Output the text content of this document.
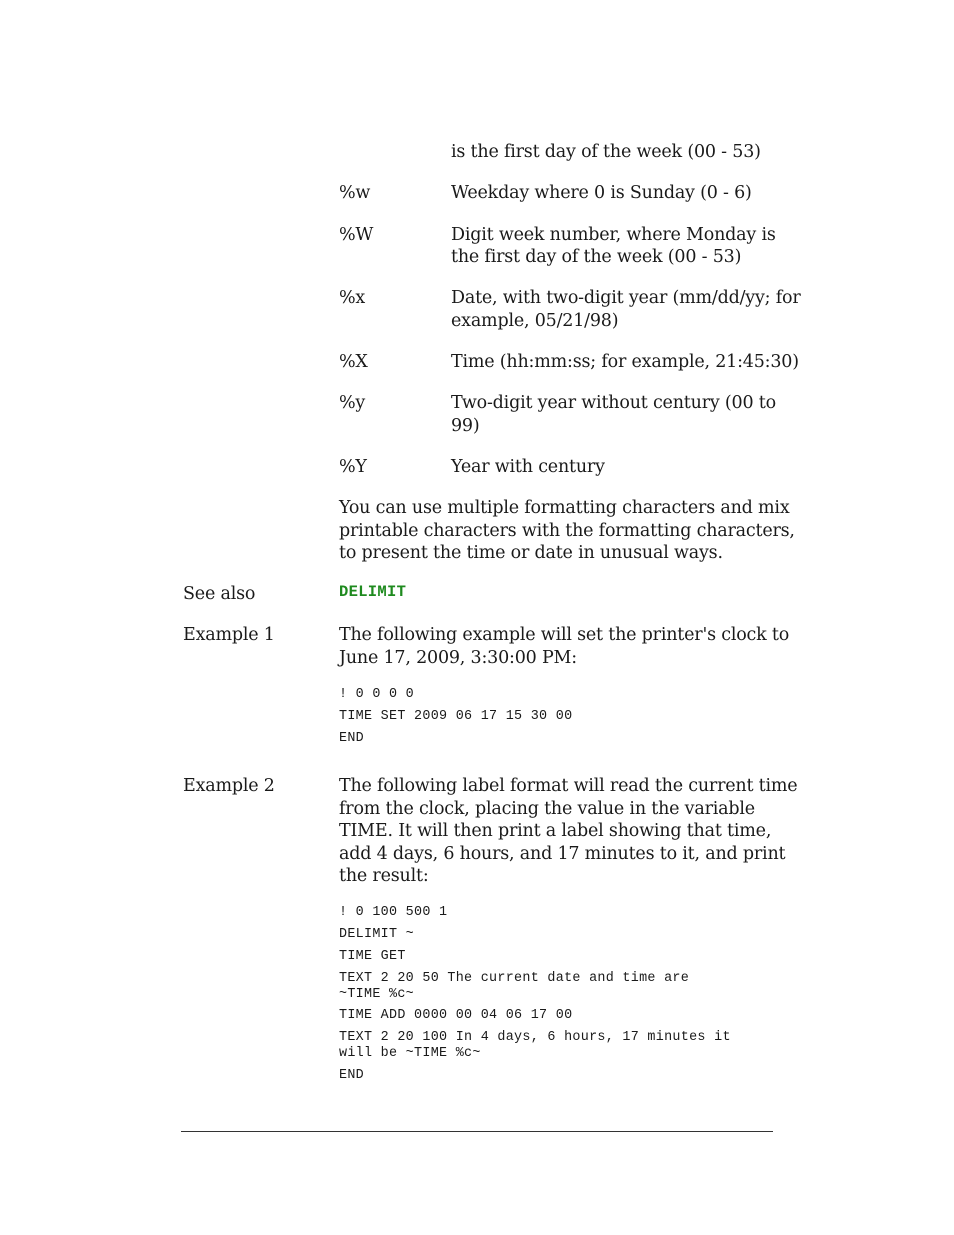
is the first day of the week (00 - 53)
%w	Weekday where 0 is Sunday (0 - 6)
%W	Digit week number, where Monday is
the first day of the week (00 - 53)
%x	Date, with two-digit year (mm/dd/yy; for
example, 05/21/98)
%X	Time (hh:mm:ss; for example, 21:45:30)
%y	Two-digit year without century (00 to
99)
%Y	Year with century
You can use multiple formatting characters and mix
printable characters with the formatting characters,
to present the time or date in unusual ways.
See also	DELIMIT
Example 1	The following example will set the printer's clock to
June 17, 2009, 3:30:00 PM:
! 0 0 0 0
TIME SET 2009 06 17 15 30 00
END
Example 2	The following label format will read the current time
from the clock, placing the value in the variable
TIME. It will then print a label showing that time,
add 4 days, 6 hours, and 17 minutes to it, and print
the result:
! 0 100 500 1
DELIMIT ~
TIME GET
TEXT 2 20 50 The current date and time are
~TIME %c~
TIME ADD 0000 00 04 06 17 00
TEXT 2 20 100 In 4 days, 6 hours, 17 minutes it
will be ~TIME %c~
END
